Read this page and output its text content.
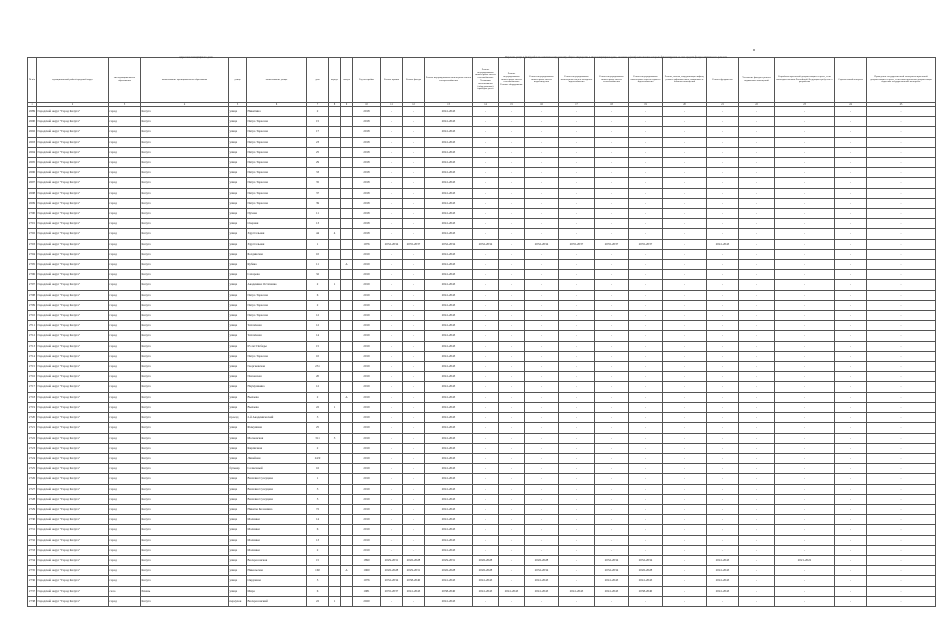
Адрес многоквартирного дома	Перечень услуг и (или) работ по капитальному ремонту общего имущества в многоквартирном доме, оказание и (или) выполнение которых финансируется за счет средств фонда капитального ремонта
№ п/п	муниципальный район/городской округ	тип муниципального образования	наименование муниципального образования	улица	наименование улицы	дом	корпус	литера	Год постройки	Ремонт крыши	Ремонт фасада	Ремонт внутридомовых инженерных систем электроснабжения	Ремонт внутридомовых инженерных систем газоснабжения: Установка коллективных (общедомовых) приборов учета	Ремонт внутридомовых инженерных систем газоснабжения: Газовое оборудование	Ремонт внутридомовых инженерных систем водоотведения	Ремонт внутридомовых инженерных систем холодного водоснабжения	Ремонт внутридомовых инженерных систем теплоснабжения	Ремонт внутридомовых инженерных систем горячего водоснабжения	Ремонт, замена, модернизация лифтов, ремонт лифтовых шахт, машинных и блочных помещений	Ремонт фундамента	Утепление фасада и ремонт подвальных помещений	Разработка проектной документации в случае, если законодательством Российской Федерации требуется ее разработка	Строительный контроль	Проведение государственной экспертизы проектной документации в случае, если такая проектная документация подлежит государственной экспертизе
1	2	3	4	5	6	7	8	9	10	11	12	13	14	15	16	17	18	19	20	21	22	23	24	25
2689	Городской округ "Город Калуга"	город	Калуга	улица	Никитина	2			2018	-	-	2041-2043	-	-	-	-	-	-	-	-	-	-	-	-
2690	Городской округ "Город Калуга"	город	Калуга	улица	Петра Тарасова	15			2018	-	-	2041-2043	-	-	-	-	-	-	-	-	-	-	-	-
2692	Городской округ "Город Калуга"	город	Калуга	улица	Петра Тарасова	17			2018	-	-	2041-2043	-	-	-	-	-	-	-	-	-	-	-	-
2693	Городской округ "Город Калуга"	город	Калуга	улица	Петра Тарасова	23			2018	-	-	2041-2043	-	-	-	-	-	-	-	-	-	-	-	-
2694	Городской округ "Город Калуга"	город	Калуга	улица	Петра Тарасова	25			2018	-	-	2041-2043	-	-	-	-	-	-	-	-	-	-	-	-
2695	Городской округ "Город Калуга"	город	Калуга	улица	Петра Тарасова	29			2018	-	-	2041-2043	-	-	-	-	-	-	-	-	-	-	-	-
2696	Городской округ "Город Калуга"	город	Калуга	улица	Петра Тарасова	33			2018	-	-	2041-2043	-	-	-	-	-	-	-	-	-	-	-	-
2697	Городской округ "Город Калуга"	город	Калуга	улица	Петра Тарасова	35			2018	-	-	2041-2043	-	-	-	-	-	-	-	-	-	-	-	-
2698	Городской округ "Город Калуга"	город	Калуга	улица	Петра Тарасова	37			2018	-	-	2041-2043	-	-	-	-	-	-	-	-	-	-	-	-
2699	Городской округ "Город Калуга"	город	Калуга	улица	Петра Тарасова	39			2018	-	-	2041-2043	-	-	-	-	-	-	-	-	-	-	-	-
2700	Городской округ "Город Калуга"	город	Калуга	улица	Пухова	11			2018	-	-	2041-2043	-	-	-	-	-	-	-	-	-	-	-	-
2701	Городской округ "Город Калуга"	город	Калуга	улица	Озерная	13			2018	-	-	2041-2043	-	-	-	-	-	-	-	-	-	-	-	-
2702	Городской округ "Город Калуга"	город	Калуга	улица	Хрустальная	44	4		2018	-	-	2041-2043	-	-	-	-	-	-	-	-	-	-	-	-
2703	Городской округ "Город Калуга"	город	Калуга	улица	Хрустальная	1			1976	2032-2034	2035-2037	2032-2034	2032-2034	-	2032-2034	2035-2037	2035-2037	2035-2037	-	2041-2043	-	-	-	-
2704	Городской округ "Город Калуга"	город	Калуга	улица	Болдинская	10			2019	-	-	2041-2043	-	-	-	-	-	-	-	-	-	-	-	-
2705	Городской округ "Город Калуга"	город	Калуга	улица	Кубяка	11		А	2019	-	-	2041-2043	-	-	-	-	-	-	-	-	-	-	-	-
2706	Городской округ "Город Калуга"	город	Калуга	улица	Сахарова	32			2019	-	-	2041-2043	-	-	-	-	-	-	-	-	-	-	-	-
2707	Городской округ "Город Калуга"	город	Калуга	улица	Академика Остапенко	2	1		2019	-	-	2041-2043	-	-	-	-	-	-	-	-	-	-	-	-
2708	Городской округ "Город Калуга"	город	Калуга	улица	Петра Тарасова	6			2019	-	-	2041-2043	-	-	-	-	-	-	-	-	-	-	-	-
2709	Городской округ "Город Калуга"	город	Калуга	улица	Петра Тарасова	2			2019	-	-	2041-2043	-	-	-	-	-	-	-	-	-	-	-	-
2710	Городской округ "Город Калуга"	город	Калуга	улица	Петра Тарасова	12			2019	-	-	2041-2043	-	-	-	-	-	-	-	-	-	-	-	-
2711	Городской округ "Город Калуга"	город	Калуга	улица	Тепличная	12			2019	-	-	2041-2043	-	-	-	-	-	-	-	-	-	-	-	-
2712	Городской округ "Город Калуга"	город	Калуга	улица	Тепличная	14			2019	-	-	2041-2043	-	-	-	-	-	-	-	-	-	-	-	-
2713	Городской округ "Город Калуга"	город	Калуга	улица	65 лет Победы	15			2019	-	-	2041-2043	-	-	-	-	-	-	-	-	-	-	-	-
2714	Городской округ "Город Калуга"	город	Калуга	улица	Петра Тарасова	10			2019	-	-	2041-2043	-	-	-	-	-	-	-	-	-	-	-	-
2715	Городской округ "Город Калуга"	город	Калуга	улица	Георгиевская	231			2019	-	-	2041-2043	-	-	-	-	-	-	-	-	-	-	-	-
2716	Городской округ "Город Калуга"	город	Калуга	улица	Поповская	20			2019	-	-	2041-2043	-	-	-	-	-	-	-	-	-	-	-	-
2717	Городской округ "Город Калуга"	город	Калуга	улица	Наумушкина	12			2019	-	-	2041-2043	-	-	-	-	-	-	-	-	-	-	-	-
2718	Городской округ "Город Калуга"	город	Калуга	улица	Вылаева	2		А	2019	-	-	2041-2043	-	-	-	-	-	-	-	-	-	-	-	-
2719	Городской округ "Город Калуга"	город	Калуга	улица	Вылаева	22	1		2019	-	-	2041-2043	-	-	-	-	-	-	-	-	-	-	-	-
2720	Городской округ "Город Калуга"	город	Калуга	проезд	2-й Академический	3			2019	-	-	2041-2043	-	-	-	-	-	-	-	-	-	-	-	-
2721	Городской округ "Город Калуга"	город	Калуга	улица	Фомушина	25			2019	-	-	2041-2043	-	-	-	-	-	-	-	-	-	-	-	-
2722	Городской округ "Город Калуга"	город	Калуга	улица	Московская	311	3		2019	-	-	2041-2043	-	-	-	-	-	-	-	-	-	-	-	-
2723	Городской округ "Город Калуга"	город	Калуга	улица	Кирпичная	2			2019	-	-	2041-2043	-	-	-	-	-	-	-	-	-	-	-	-
2724	Городской округ "Город Калуга"	город	Калуга	улица	Линейная	24/9			2019	-	-	2041-2043	-	-	-	-	-	-	-	-	-	-	-	-
2725	Городской округ "Город Калуга"	город	Калуга	бульвар	Солнечный	16			2019	-	-	2041-2043	-	-	-	-	-	-	-	-	-	-	-	-
2726	Городской округ "Город Калуга"	город	Калуга	улица	Василия Сусеуцева	1			2019	-	-	2041-2043	-	-	-	-	-	-	-	-	-	-	-	-
2727	Городской округ "Город Калуга"	город	Калуга	улица	Василия Сусеуцева	3			2019	-	-	2041-2043	-	-	-	-	-	-	-	-	-	-	-	-
2728	Городской округ "Город Калуга"	город	Калуга	улица	Василия Сусеуцева	5			2019	-	-	2041-2043	-	-	-	-	-	-	-	-	-	-	-	-
2729	Городской округ "Город Калуга"	город	Калуга	улица	Никиты Колошина	72			2019	-	-	2041-2043	-	-	-	-	-	-	-	-	-	-	-	-
2730	Городской округ "Город Калуга"	город	Калуга	улица	Малинки	14			2019	-	-	2041-2043	-	-	-	-	-	-	-	-	-	-	-	-
2731	Городской округ "Город Калуга"	город	Калуга	улица	Малинки	6			2019	-	-	2041-2043	-	-	-	-	-	-	-	-	-	-	-	-
2732	Городской округ "Город Калуга"	город	Калуга	улица	Малинки	13			2019	-	-	2041-2043	-	-	-	-	-	-	-	-	-	-	-	-
2733	Городской округ "Город Калуга"	город	Калуга	улица	Малинки	2			2019	-	-	2041-2043	-	-	-	-	-	-	-	-	-	-	-	-
2734	Городской округ "Город Калуга"	город	Калуга	улица	Воскресенская	15			1890	2029-2031	2026-2028	2029-2031	2026-2028	-	2026-2028	-	2032-2034	2032-2034	-	2041-2043	-	2021-2022	-	-
2735	Городской округ "Город Калуга"	город	Калуга	улица	Никольская	160		А	1960	2026-2028	2029-2031	2026-2028	2026-2028	-	2032-2034	-	2032-2034	2026-2028	-	2041-2043	-	-	-	-
2736	Городской округ "Город Калуга"	город	Калуга	улица	Окружная	5			1976	2032-2034	2038-2040	2041-2043	2041-2043	-	2041-2043	-	2041-2043	2041-2043	-	2041-2043	-	-	-	-
2737	Городской округ "Город Калуга"	село	Рязань	улица	Мира	6			1981	2035-2037	2041-2043	2038-2040	2041-2043	2041-2043	2041-2043	2041-2043	2041-2043	2038-2040	-	2041-2043	-	-	-	-
2738	Городской округ "Город Калуга"	город	Калуга	переулок	Воскресенский	22	1		2020	-	-	2041-2043	-	-	-	-	-	-	-	-	-	-	-	-
